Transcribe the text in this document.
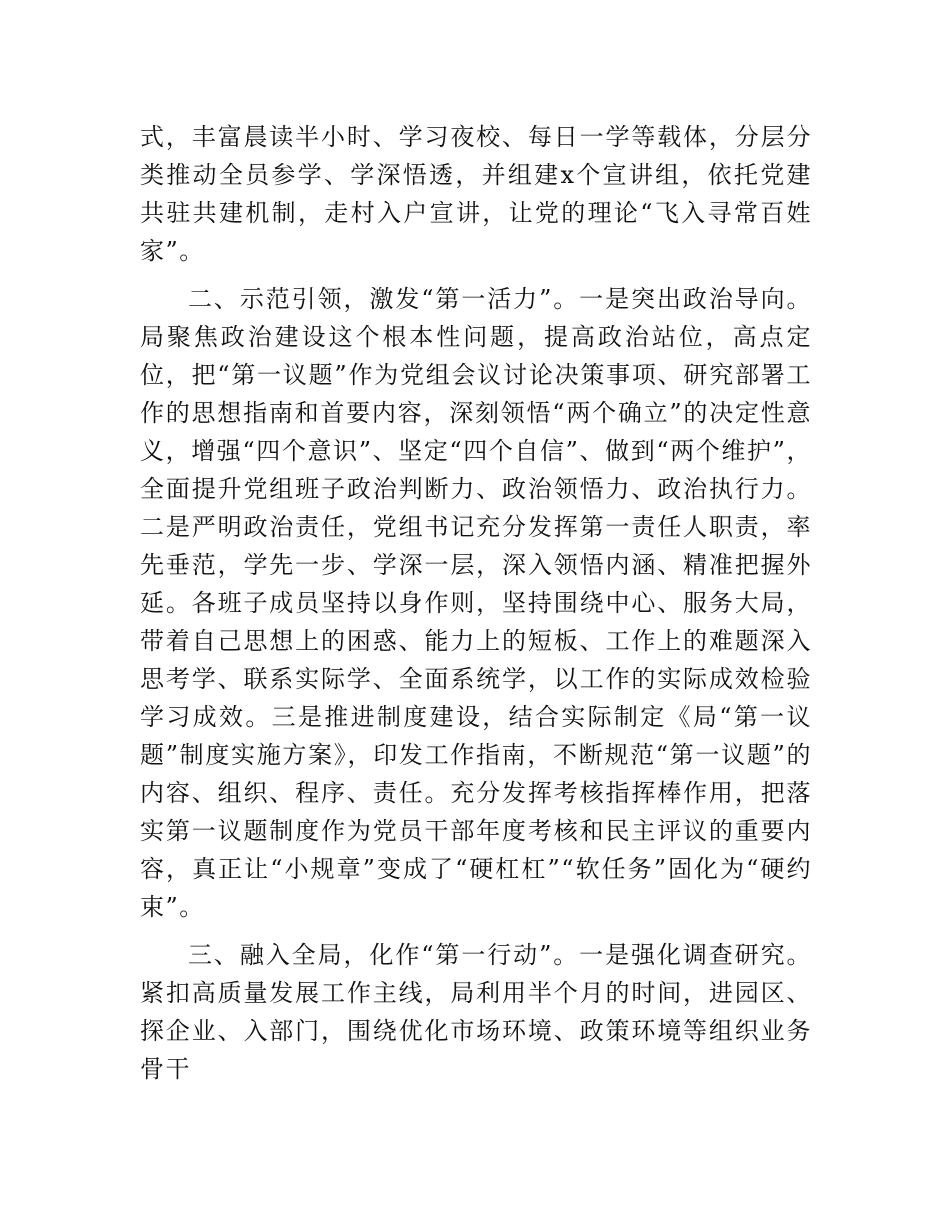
式，丰富晨读半小时、学习夜校、每日一学等载体，分层分类推动全员参学、学深悟透，并组建x个宣讲组，依托党建共驻共建机制，走村入户宣讲，让党的理论“飞入寻常百姓家”。

二、示范引领，激发“第一活力”。一是突出政治导向。局聚焦政治建设这个根本性问题，提高政治站位，高点定位，把“第一议题”作为党组会议讨论决策事项、研究部署工作的思想指南和首要内容，深刻领悟“两个确立”的决定性意义，增强“四个意识”、坚定“四个自信”、做到“两个维护”，全面提升党组班子政治判断力、政治领悟力、政治执行力。二是严明政治责任，党组书记充分发挥第一责任人职责，率先垂范，学先一步、学深一层，深入领悟内涵、精准把握外延。各班子成员坚持以身作则，坚持围绕中心、服务大局，带着自己思想上的困惑、能力上的短板、工作上的难题深入思考学、联系实际学、全面系统学，以工作的实际成效检验学习成效。三是推进制度建设，结合实际制定《局“第一议题”制度实施方案》，印发工作指南，不断规范“第一议题”的内容、组织、程序、责任。充分发挥考核指挥棒作用，把落实第一议题制度作为党员干部年度考核和民主评议的重要内容，真正让“小规章”变成了“硬杠杠”“软任务”固化为“硬约束”。

三、融入全局，化作“第一行动”。一是强化调查研究。紧扣高质量发展工作主线，局利用半个月的时间，进园区、探企业、入部门，围绕优化市场环境、政策环境等组织业务骨干
